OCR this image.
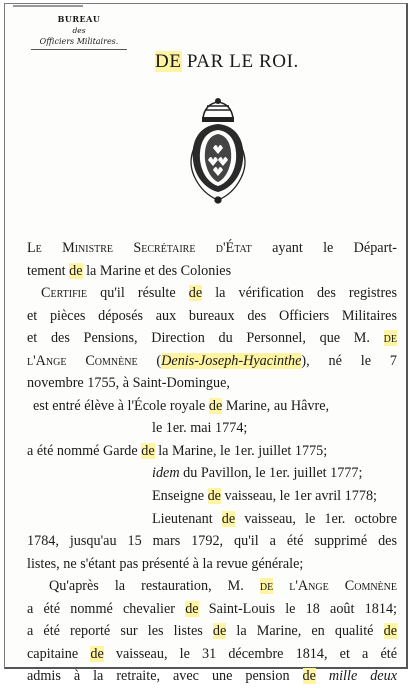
BUREAU
des
Officiers Militaires.
DE PAR LE ROI.
Le Ministre Secrétaire d'État ayant le Départ-
tement de la Marine et des Colonies
Certifie qu'il résulte de la vérification des registres
et pièces déposés aux bureaux des Officiers Militaires
et des Pensions, Direction du Personnel, que M. de
l'Ange Comnène (Denis-Joseph-Hyacinthe), né le 7
novembre 1755, à Saint-Domingue,
est entré élève à l'École royale de Marine, au Hâvre,
le 1er. mai 1774;
a été nommé Garde de la Marine, le 1er. juillet 1775;
idem du Pavillon, le 1er. juillet 1777;
Enseigne de vaisseau, le 1er avril 1778;
Lieutenant de vaisseau, le 1er. octobre
1784, jusqu'au 15 mars 1792, qu'il a été supprimé des
listes, ne s'étant pas présenté à la revue générale;
Qu'après la restauration, M. de l'Ange Comnène
a été nommé chevalier de Saint-Louis le 18 août 1814;
a été reporté sur les listes de la Marine, en qualité de
capitaine de vaisseau, le 31 décembre 1814, et a été
admis à la retraite, avec une pension de mille deux
